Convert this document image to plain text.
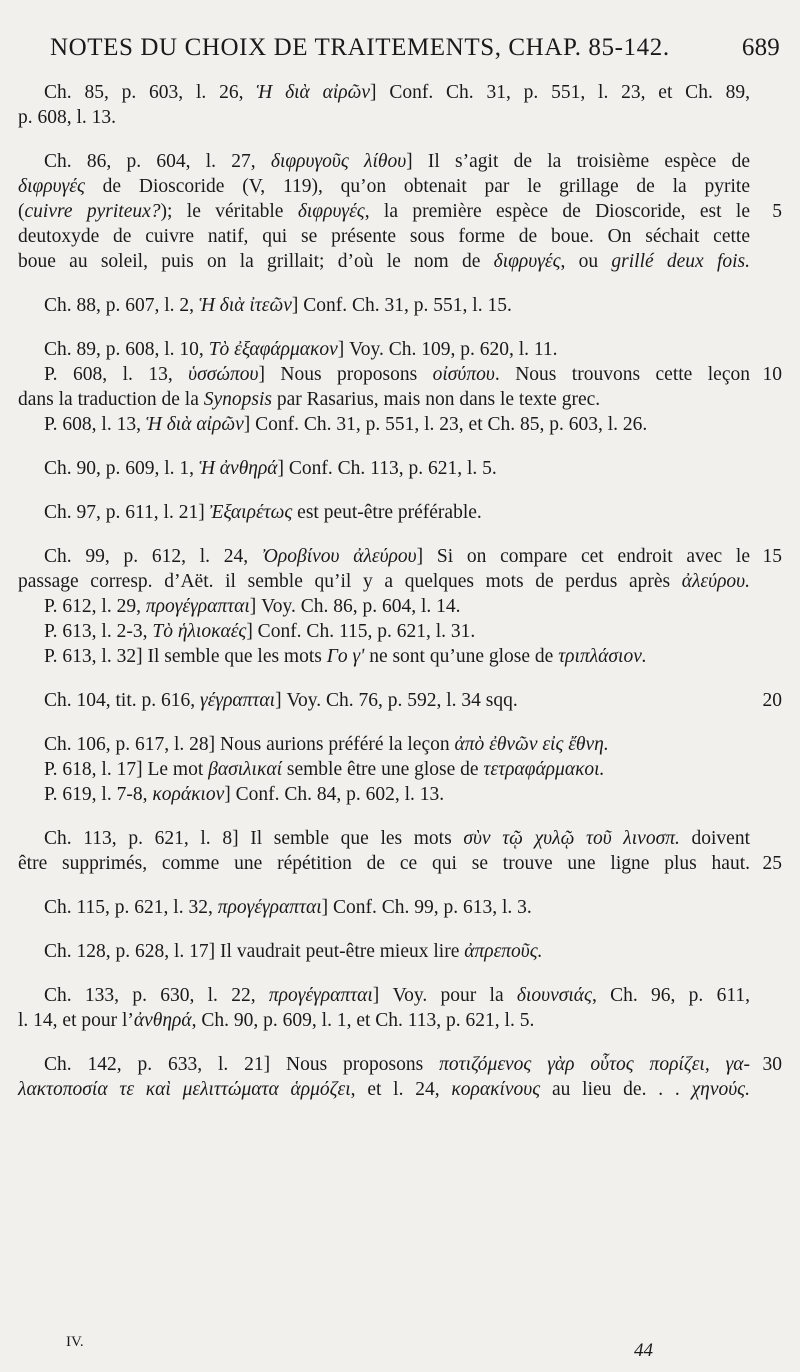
NOTES DU CHOIX DE TRAITEMENTS, CHAP. 85-142.	689
Ch. 85, p. 603, l. 26, Ἡ διὰ αἰρῶν] Conf. Ch. 31, p. 551, l. 23, et Ch. 89,
p. 608, l. 13.
Ch. 86, p. 604, l. 27, διφρυγοῦς λίθου] Il s’agit de la troisième espèce de
διφρυγές de Dioscoride (V, 119), qu’on obtenait par le grillage de la pyrite
(cuivre pyriteux?); le véritable διφρυγές, la première espèce de Dioscoride, est le 5
deutoxyde de cuivre natif, qui se présente sous forme de boue. On séchait cette
boue au soleil, puis on la grillait; d’où le nom de διφρυγές, ou grillé deux fois.
Ch. 88, p. 607, l. 2, Ἡ διὰ ἰτεῶν] Conf. Ch. 31, p. 551, l. 15.
Ch. 89, p. 608, l. 10, Τὸ ἐξαφάρμακον] Voy. Ch. 109, p. 620, l. 11.
P. 608, l. 13, ὑσσώπου] Nous proposons οἰσύπου. Nous trouvons cette leçon 10
dans la traduction de la Synopsis par Rasarius, mais non dans le texte grec.
P. 608, l. 13, Ἡ διὰ αἰρῶν] Conf. Ch. 31, p. 551, l. 23, et Ch. 85, p. 603, l. 26.
Ch. 90, p. 609, l. 1, Ἡ ἀνθηρά] Conf. Ch. 113, p. 621, l. 5.
Ch. 97, p. 611, l. 21] Ἐξαιρέτως est peut-être préférable.
Ch. 99, p. 612, l. 24, Ὀροβίνου ἀλεύρου] Si on compare cet endroit avec le 15
passage corresp. d’Aët. il semble qu’il y a quelques mots de perdus après ἀλεύρου.
P. 612, l. 29, προγέγραπται] Voy. Ch. 86, p. 604, l. 14.
P. 613, l. 2-3, Τὸ ἡλιοκαές] Conf. Ch. 115, p. 621, l. 31.
P. 613, l. 32] Il semble que les mots Γο γʹ ne sont qu’une glose de τριπλάσιον.
Ch. 104, tit. p. 616, γέγραπται] Voy. Ch. 76, p. 592, l. 34 sqq.	20
Ch. 106, p. 617, l. 28] Nous aurions préféré la leçon ἀπὸ ἐθνῶν εἰς ἔθνη.
P. 618, l. 17] Le mot βασιλικαί semble être une glose de τετραφάρμακοι.
P. 619, l. 7-8, κοράκιον] Conf. Ch. 84, p. 602, l. 13.
Ch. 113, p. 621, l. 8] Il semble que les mots σὺν τῷ χυλῷ τοῦ λινοσπ. doivent
être supprimés, comme une répétition de ce qui se trouve une ligne plus haut. 25
Ch. 115, p. 621, l. 32, προγέγραπται] Conf. Ch. 99, p. 613, l. 3.
Ch. 128, p. 628, l. 17] Il vaudrait peut-être mieux lire ἀπρεποῦς.
Ch. 133, p. 630, l. 22, προγέγραπται] Voy. pour la διουνσιάς, Ch. 96, p. 611,
l. 14, et pour l’ἀνθηρά, Ch. 90, p. 609, l. 1, et Ch. 113, p. 621, l. 5.
Ch. 142, p. 633, l. 21] Nous proposons ποτιζόμενος γὰρ οὗτος πορίζει, γα- 30
λακτοποσία τε καὶ μελιττώματα ἁρμόζει, et l. 24, κορακίνους au lieu de. . . χηνούς.
IV.	44
